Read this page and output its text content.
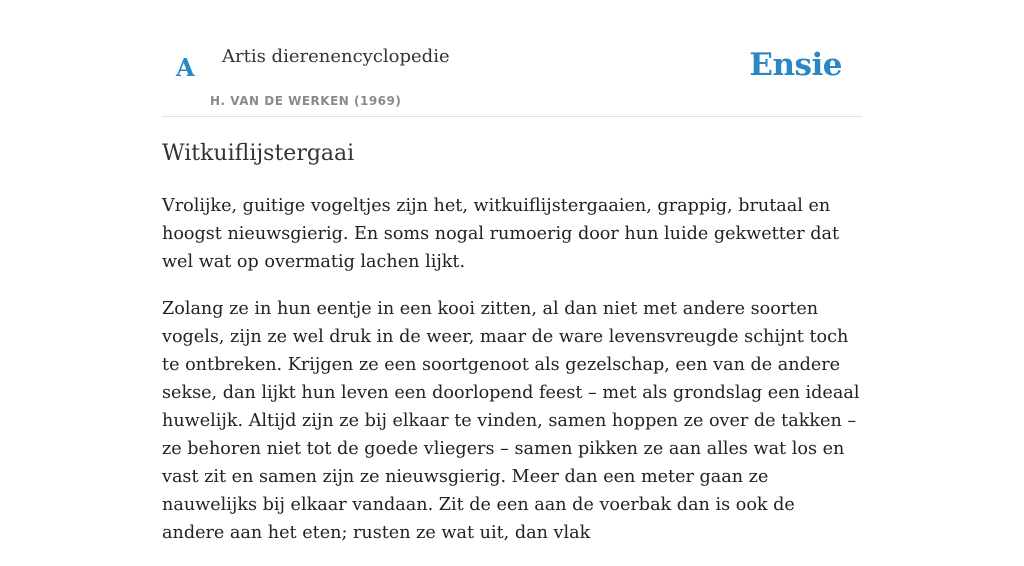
A Artis dierenencyclopedie
H. VAN DE WERKEN (1969)
Ensie
Witkuiflijstergaai

Vrolijke, guitige vogeltjes zijn het, witkuiflijstergaaien, grappig, brutaal en hoogst nieuwsgierig. En soms nogal rumoerig door hun luide gekwetter dat wel wat op overmatig lachen lijkt.

Zolang ze in hun eentje in een kooi zitten, al dan niet met andere soorten vogels, zijn ze wel druk in de weer, maar de ware levensvreugde schijnt toch te ontbreken. Krijgen ze een soortgenoot als gezelschap, een van de andere sekse, dan lijkt hun leven een doorlopend feest – met als grondslag een ideaal huwelijk. Altijd zijn ze bij elkaar te vinden, samen hoppen ze over de takken – ze behoren niet tot de goede vliegers – samen pikken ze aan alles wat los en vast zit en samen zijn ze nieuwsgierig. Meer dan een meter gaan ze nauwelijks bij elkaar vandaan. Zit de een aan de voerbak dan is ook de andere aan het eten; rusten ze wat uit, dan vlak
